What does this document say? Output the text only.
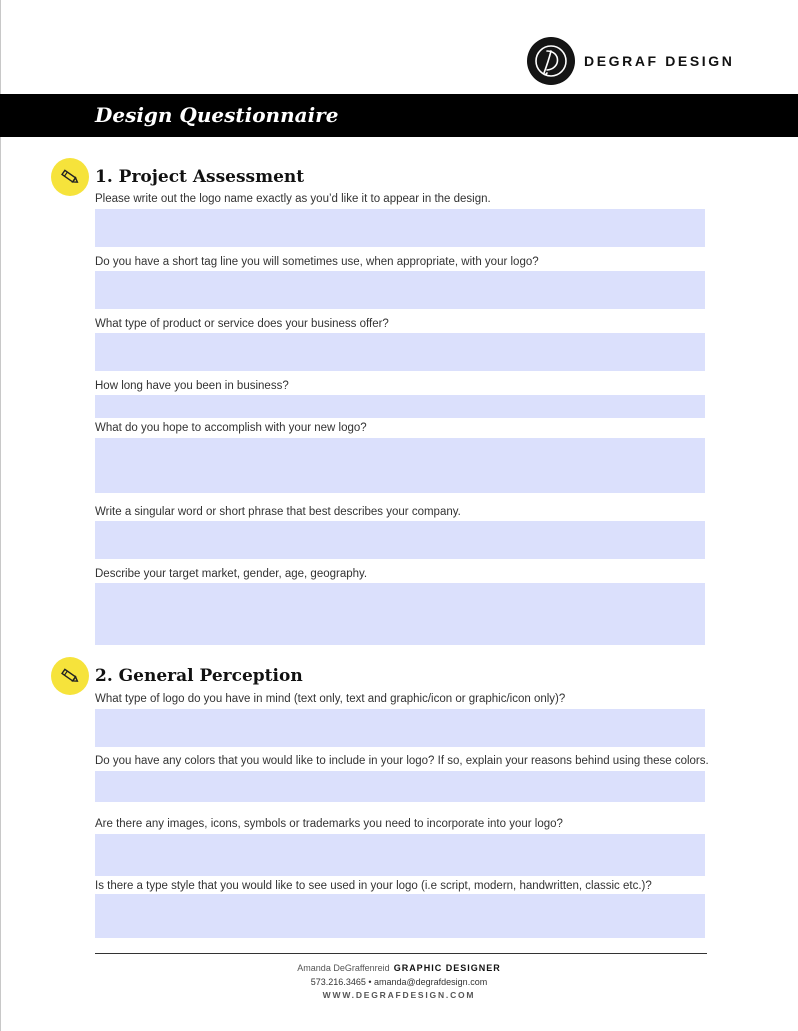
DEGRAF DESIGN
Design Questionnaire
1. Project Assessment
Please write out the logo name exactly as you’d like it to appear in the design.
Do you have a short tag line you will sometimes use, when appropriate, with your logo?
What type of product or service does your business offer?
How long have you been in business?
What do you hope to accomplish with your new logo?
Write a singular word or short phrase that best describes your company.
Describe your target market, gender, age, geography.
2. General Perception
What type of logo do you have in mind (text only, text and graphic/icon or graphic/icon only)?
Do you have any colors that you would like to include in your logo? If so, explain your reasons behind using these colors.
Are there any images, icons, symbols or trademarks you need to incorporate into your logo?
Is there a type style that you would like to see used in your logo (i.e script, modern, handwritten, classic etc.)?
Amanda DeGraffenreid GRAPHIC DESIGNER
573.216.3465 • amanda@degrafdesign.com
WWW.DEGRAFDESIGN.COM
